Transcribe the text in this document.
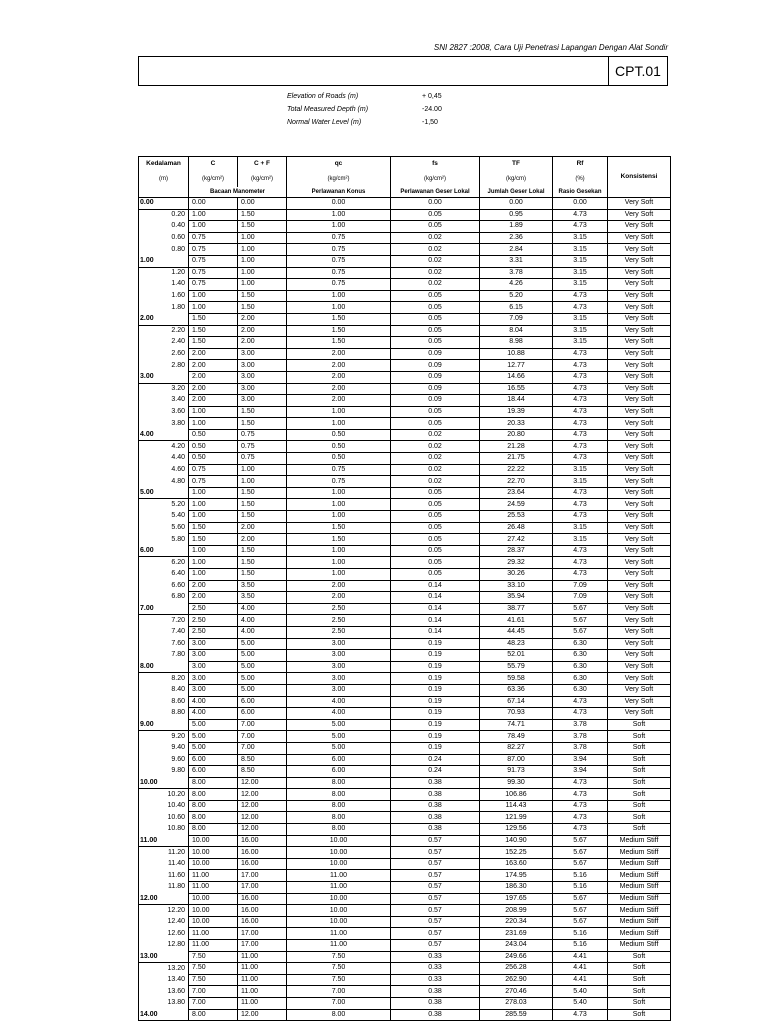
SNI 2827 :2008, Cara Uji Penetrasi Lapangan Dengan Alat Sondir
CPT.01
Elevation of Roads (m)	+ 0,45
Total Measured Depth (m)	-24.00
Normal Water Level (m)	-1,50
Kedalaman	C	C + F	qc	fs	TF	Rf	Konsistensi
(m)	(kg/cm²)	(kg/cm²)	(kg/cm²)	(kg/cm²)	(kg/cm)	(%)	
	Bacaan Manometer		Perlawanan Konus	Perlawanan Geser Lokal	Jumlah Geser Lokal	Rasio Gesekan	
0.00	0.00	0.00	0.00	0.00	0.00	0.00	Very Soft
0.20	1.00	1.50	1.00	0.05	0.95	4.73	Very Soft
0.40	1.00	1.50	1.00	0.05	1.89	4.73	Very Soft
0.60	0.75	1.00	0.75	0.02	2.36	3.15	Very Soft
0.80	0.75	1.00	0.75	0.02	2.84	3.15	Very Soft
1.00	0.75	1.00	0.75	0.02	3.31	3.15	Very Soft
1.20	0.75	1.00	0.75	0.02	3.78	3.15	Very Soft
1.40	0.75	1.00	0.75	0.02	4.26	3.15	Very Soft
1.60	1.00	1.50	1.00	0.05	5.20	4.73	Very Soft
1.80	1.00	1.50	1.00	0.05	6.15	4.73	Very Soft
2.00	1.50	2.00	1.50	0.05	7.09	3.15	Very Soft
2.20	1.50	2.00	1.50	0.05	8.04	3.15	Very Soft
2.40	1.50	2.00	1.50	0.05	8.98	3.15	Very Soft
2.60	2.00	3.00	2.00	0.09	10.88	4.73	Very Soft
2.80	2.00	3.00	2.00	0.09	12.77	4.73	Very Soft
3.00	2.00	3.00	2.00	0.09	14.66	4.73	Very Soft
3.20	2.00	3.00	2.00	0.09	16.55	4.73	Very Soft
3.40	2.00	3.00	2.00	0.09	18.44	4.73	Very Soft
3.60	1.00	1.50	1.00	0.05	19.39	4.73	Very Soft
3.80	1.00	1.50	1.00	0.05	20.33	4.73	Very Soft
4.00	0.50	0.75	0.50	0.02	20.80	4.73	Very Soft
4.20	0.50	0.75	0.50	0.02	21.28	4.73	Very Soft
4.40	0.50	0.75	0.50	0.02	21.75	4.73	Very Soft
4.60	0.75	1.00	0.75	0.02	22.22	3.15	Very Soft
4.80	0.75	1.00	0.75	0.02	22.70	3.15	Very Soft
5.00	1.00	1.50	1.00	0.05	23.64	4.73	Very Soft
5.20	1.00	1.50	1.00	0.05	24.59	4.73	Very Soft
5.40	1.00	1.50	1.00	0.05	25.53	4.73	Very Soft
5.60	1.50	2.00	1.50	0.05	26.48	3.15	Very Soft
5.80	1.50	2.00	1.50	0.05	27.42	3.15	Very Soft
6.00	1.00	1.50	1.00	0.05	28.37	4.73	Very Soft
6.20	1.00	1.50	1.00	0.05	29.32	4.73	Very Soft
6.40	1.00	1.50	1.00	0.05	30.26	4.73	Very Soft
6.60	2.00	3.50	2.00	0.14	33.10	7.09	Very Soft
6.80	2.00	3.50	2.00	0.14	35.94	7.09	Very Soft
7.00	2.50	4.00	2.50	0.14	38.77	5.67	Very Soft
7.20	2.50	4.00	2.50	0.14	41.61	5.67	Very Soft
7.40	2.50	4.00	2.50	0.14	44.45	5.67	Very Soft
7.60	3.00	5.00	3.00	0.19	48.23	6.30	Very Soft
7.80	3.00	5.00	3.00	0.19	52.01	6.30	Very Soft
8.00	3.00	5.00	3.00	0.19	55.79	6.30	Very Soft
8.20	3.00	5.00	3.00	0.19	59.58	6.30	Very Soft
8.40	3.00	5.00	3.00	0.19	63.36	6.30	Very Soft
8.60	4.00	6.00	4.00	0.19	67.14	4.73	Very Soft
8.80	4.00	6.00	4.00	0.19	70.93	4.73	Very Soft
9.00	5.00	7.00	5.00	0.19	74.71	3.78	Soft
9.20	5.00	7.00	5.00	0.19	78.49	3.78	Soft
9.40	5.00	7.00	5.00	0.19	82.27	3.78	Soft
9.60	6.00	8.50	6.00	0.24	87.00	3.94	Soft
9.80	6.00	8.50	6.00	0.24	91.73	3.94	Soft
10.00	8.00	12.00	8.00	0.38	99.30	4.73	Soft
10.20	8.00	12.00	8.00	0.38	106.86	4.73	Soft
10.40	8.00	12.00	8.00	0.38	114.43	4.73	Soft
10.60	8.00	12.00	8.00	0.38	121.99	4.73	Soft
10.80	8.00	12.00	8.00	0.38	129.56	4.73	Soft
11.00	10.00	16.00	10.00	0.57	140.90	5.67	Medium Stiff
11.20	10.00	16.00	10.00	0.57	152.25	5.67	Medium Stiff
11.40	10.00	16.00	10.00	0.57	163.60	5.67	Medium Stiff
11.60	11.00	17.00	11.00	0.57	174.95	5.16	Medium Stiff
11.80	11.00	17.00	11.00	0.57	186.30	5.16	Medium Stiff
12.00	10.00	16.00	10.00	0.57	197.65	5.67	Medium Stiff
12.20	10.00	16.00	10.00	0.57	208.99	5.67	Medium Stiff
12.40	10.00	16.00	10.00	0.57	220.34	5.67	Medium Stiff
12.60	11.00	17.00	11.00	0.57	231.69	5.16	Medium Stiff
12.80	11.00	17.00	11.00	0.57	243.04	5.16	Medium Stiff
13.00	7.50	11.00	7.50	0.33	249.66	4.41	Soft
13.20	7.50	11.00	7.50	0.33	256.28	4.41	Soft
13.40	7.50	11.00	7.50	0.33	262.90	4.41	Soft
13.60	7.00	11.00	7.00	0.38	270.46	5.40	Soft
13.80	7.00	11.00	7.00	0.38	278.03	5.40	Soft
14.00	8.00	12.00	8.00	0.38	285.59	4.73	Soft
